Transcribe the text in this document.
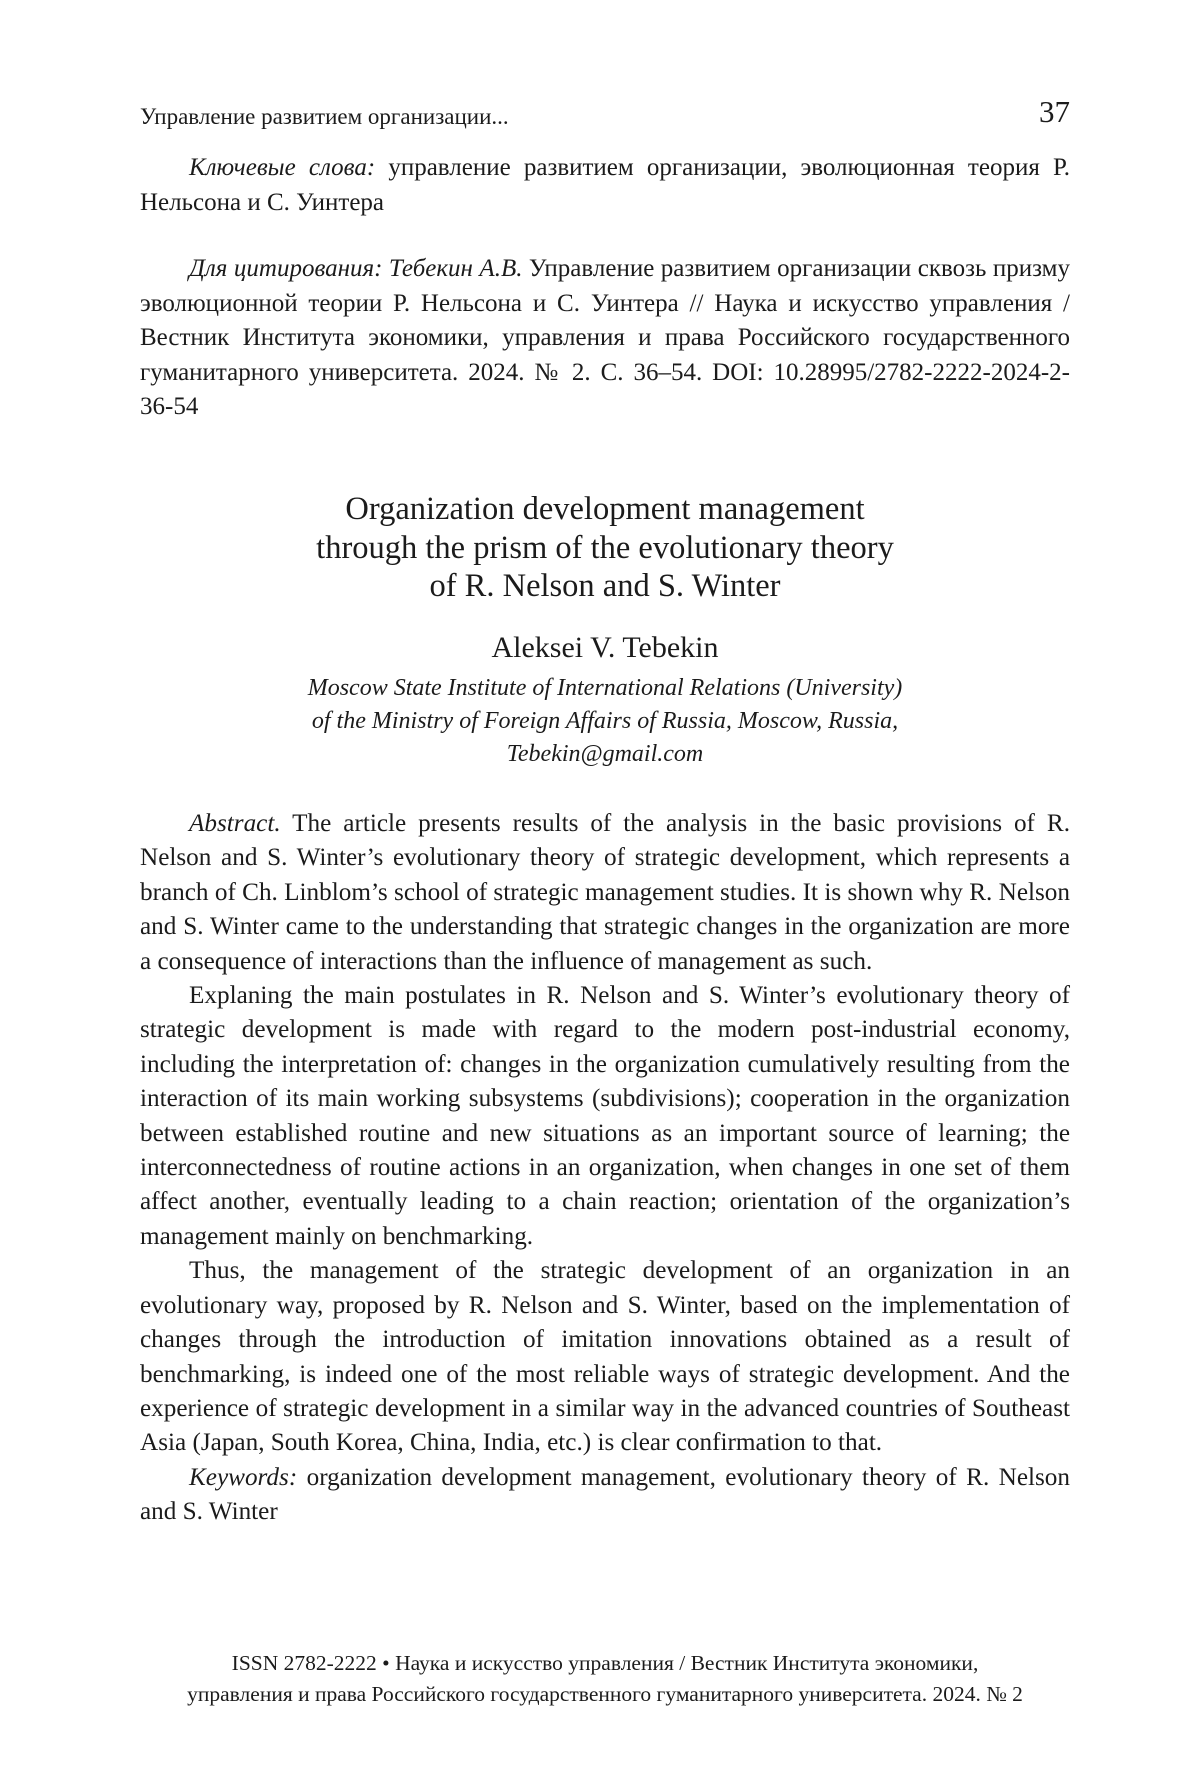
Управление развитием организации...	37

Ключевые слова: управление развитием организации, эволюционная теория Р. Нельсона и С. Уинтера

Для цитирования: Тебекин А.В. Управление развитием организации сквозь призму эволюционной теории Р. Нельсона и С. Уинтера // Наука и искусство управления / Вестник Института экономики, управления и права Российского государственного гуманитарного университета. 2024. № 2. С. 36–54. DOI: 10.28995/2782-2222-2024-2-36-54

Organization development management
through the prism of the evolutionary theory
of R. Nelson and S. Winter
Aleksei V. Tebekin
Moscow State Institute of International Relations (University)
of the Ministry of Foreign Affairs of Russia, Moscow, Russia,
Tebekin@gmail.com

Abstract. The article presents results of the analysis in the basic provisions of R. Nelson and S. Winter’s evolutionary theory of strategic development, which represents a branch of Ch. Linblom’s school of strategic management studies. It is shown why R. Nelson and S. Winter came to the understanding that strategic changes in the organization are more a consequence of interactions than the influence of management as such.

Explaning the main postulates in R. Nelson and S. Winter’s evolutionary theory of strategic development is made with regard to the modern post-industrial economy, including the interpretation of: changes in the organization cumulatively resulting from the interaction of its main working subsystems (subdivisions); cooperation in the organization between established routine and new situations as an important source of learning; the interconnectedness of routine actions in an organization, when changes in one set of them affect another, eventually leading to a chain reaction; orientation of the organization’s management mainly on benchmarking.

Thus, the management of the strategic development of an organization in an evolutionary way, proposed by R. Nelson and S. Winter, based on the implementation of changes through the introduction of imitation innovations obtained as a result of benchmarking, is indeed one of the most reliable ways of strategic development. And the experience of strategic development in a similar way in the advanced countries of Southeast Asia (Japan, South Korea, China, India, etc.) is clear confirmation to that.

Keywords: organization development management, evolutionary theory of R. Nelson and S. Winter

ISSN 2782-2222 • Наука и искусство управления / Вестник Института экономики,
управления и права Российского государственного гуманитарного университета. 2024. № 2
